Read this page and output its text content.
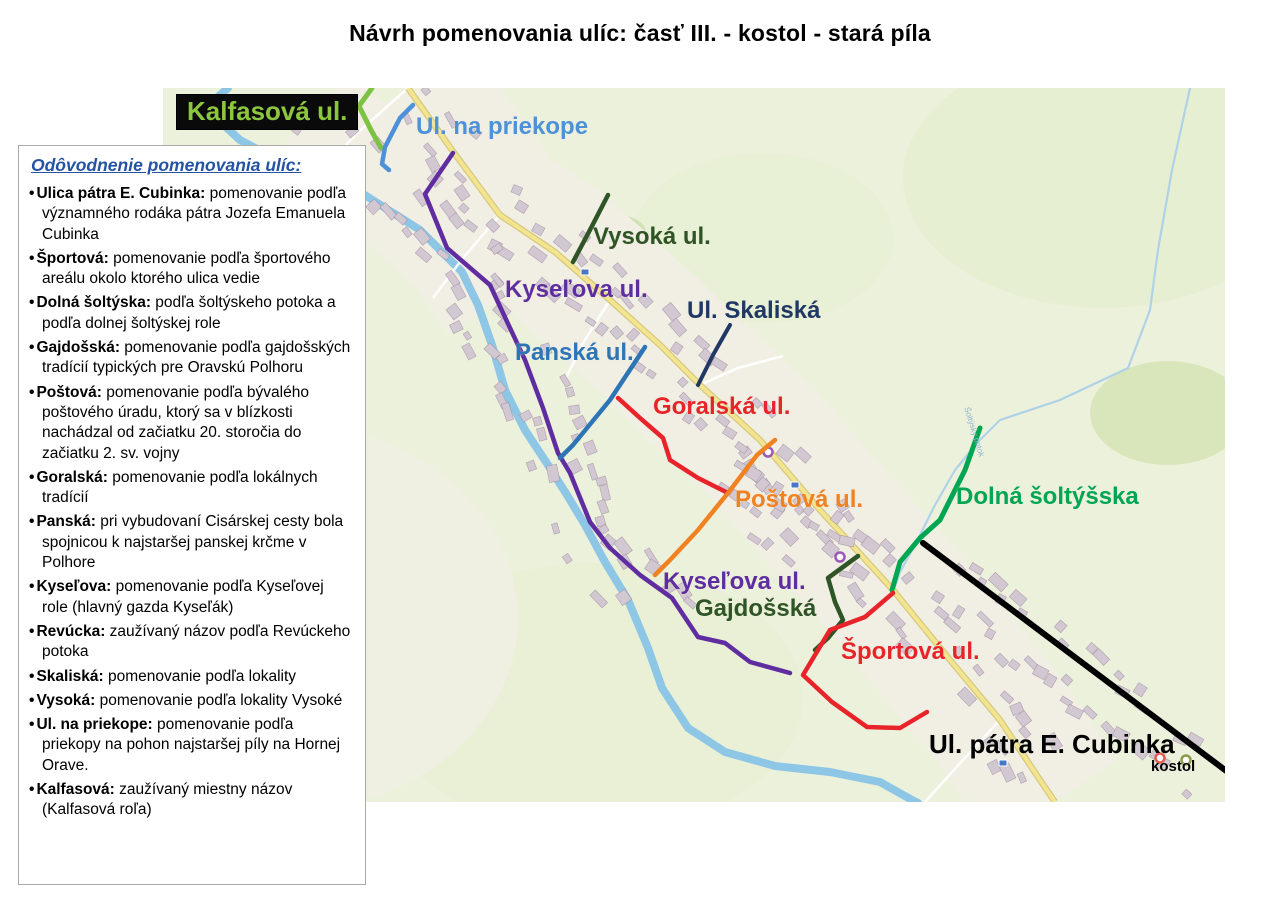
Návrh pomenovania ulíc: časť III. - kostol - stará píla
Kalfasová ul.
Ul. na priekope
Vysoká ul.
Kyseľova ul.
Ul. Skaliská
Panská ul.
Goralská ul.
Poštová ul.	Dolná šoltýšska
Kyseľova ul.
Gajdošská
Športová ul.
Ul. pátra E. Cubinka
kostol
Šoltýsky potok
Odôvodnenie pomenovania ulíc:
• Ulica pátra E. Cubinka: pomenovanie podľa významného rodáka pátra Jozefa Emanuela Cubinka
• Športová: pomenovanie podľa športového areálu okolo ktorého ulica vedie
• Dolná šoltýska: podľa šoltýskeho potoka a podľa dolnej šoltýskej role
• Gajdošská: pomenovanie podľa gajdošských tradícií typických pre Oravskú Polhoru
• Poštová: pomenovanie podľa bývalého poštového úradu, ktorý sa v blízkosti nachádzal od začiatku 20. storočia do začiatku 2. sv. vojny
• Goralská: pomenovanie podľa lokálnych tradícií
• Panská: pri vybudovaní Cisárskej cesty bola spojnicou k najstaršej panskej krčme v Polhore
• Kyseľova: pomenovanie podľa Kyseľovej role (hlavný gazda Kyseľák)
• Revúcka: zaužívaný názov podľa Revúckeho potoka
• Skaliská: pomenovanie podľa lokality
• Vysoká: pomenovanie podľa lokality Vysoké
• Ul. na priekope: pomenovanie podľa priekopy na pohon najstaršej píly na Hornej Orave.
• Kalfasová: zaužívaný miestny názov (Kalfasová roľa)
